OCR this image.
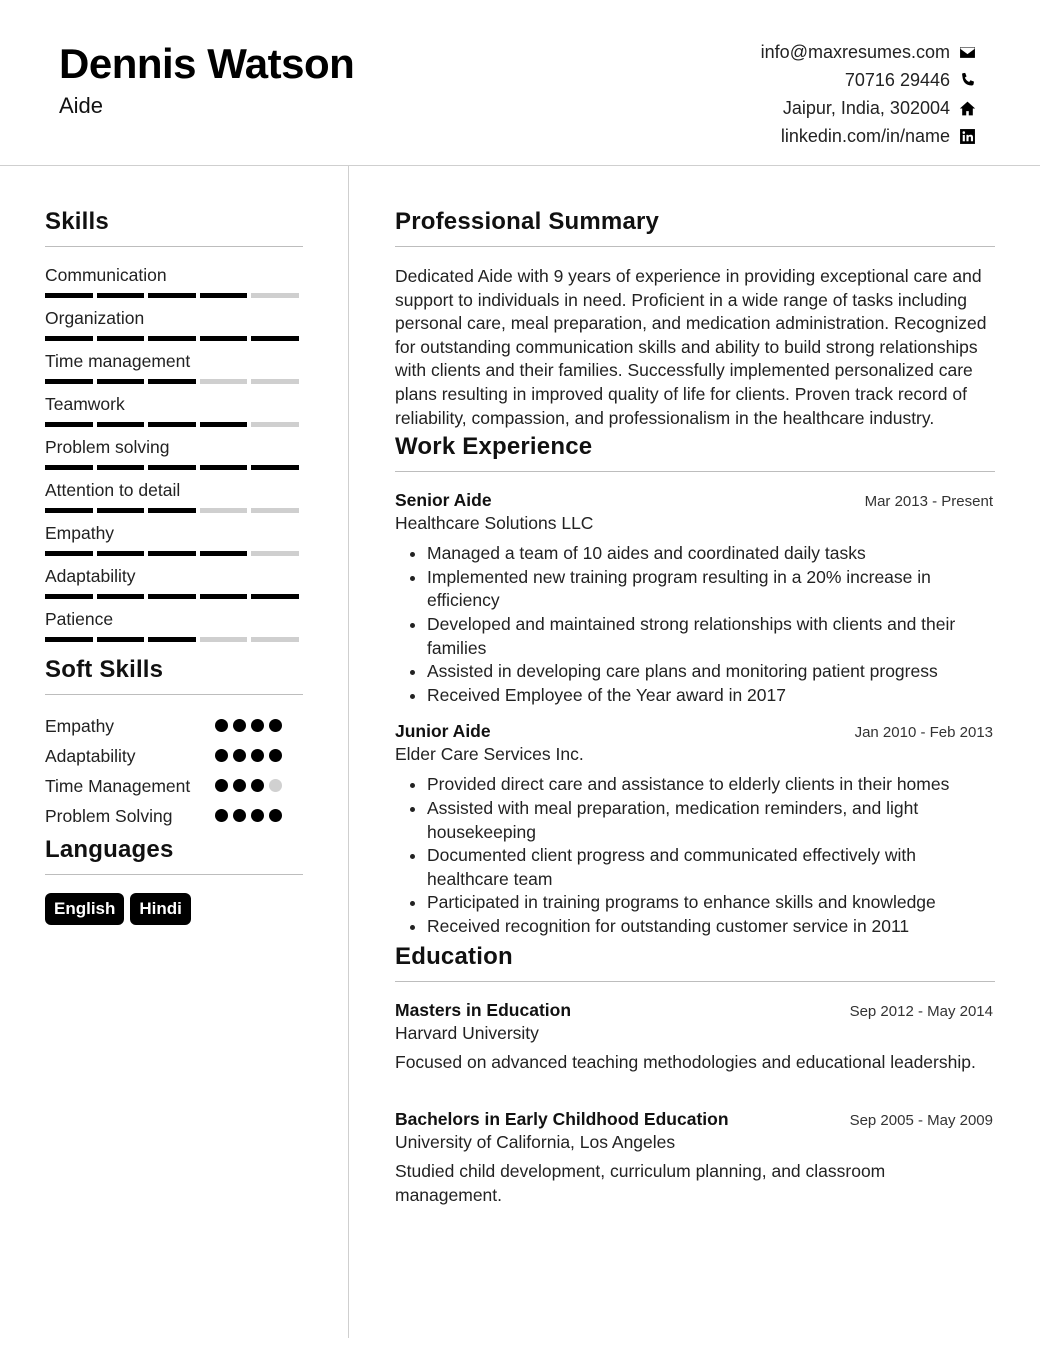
Dennis Watson
Aide
info@maxresumes.com
70716 29446
Jaipur, India, 302004
linkedin.com/in/name
Skills
Communication
Organization
Time management
Teamwork
Problem solving
Attention to detail
Empathy
Adaptability
Patience
Soft Skills
Empathy
Adaptability
Time Management
Problem Solving
Languages
English	Hindi
Professional Summary
Dedicated Aide with 9 years of experience in providing exceptional care and support to individuals in need. Proficient in a wide range of tasks including personal care, meal preparation, and medication administration. Recognized for outstanding communication skills and ability to build strong relationships with clients and their families. Successfully implemented personalized care plans resulting in improved quality of life for clients. Proven track record of reliability, compassion, and professionalism in the healthcare industry.
Work Experience
Senior Aide	Mar 2013 - Present
Healthcare Solutions LLC
• Managed a team of 10 aides and coordinated daily tasks
• Implemented new training program resulting in a 20% increase in efficiency
• Developed and maintained strong relationships with clients and their families
• Assisted in developing care plans and monitoring patient progress
• Received Employee of the Year award in 2017
Junior Aide	Jan 2010 - Feb 2013
Elder Care Services Inc.
• Provided direct care and assistance to elderly clients in their homes
• Assisted with meal preparation, medication reminders, and light housekeeping
• Documented client progress and communicated effectively with healthcare team
• Participated in training programs to enhance skills and knowledge
• Received recognition for outstanding customer service in 2011
Education
Masters in Education	Sep 2012 - May 2014
Harvard University
Focused on advanced teaching methodologies and educational leadership.
Bachelors in Early Childhood Education	Sep 2005 - May 2009
University of California, Los Angeles
Studied child development, curriculum planning, and classroom management.
